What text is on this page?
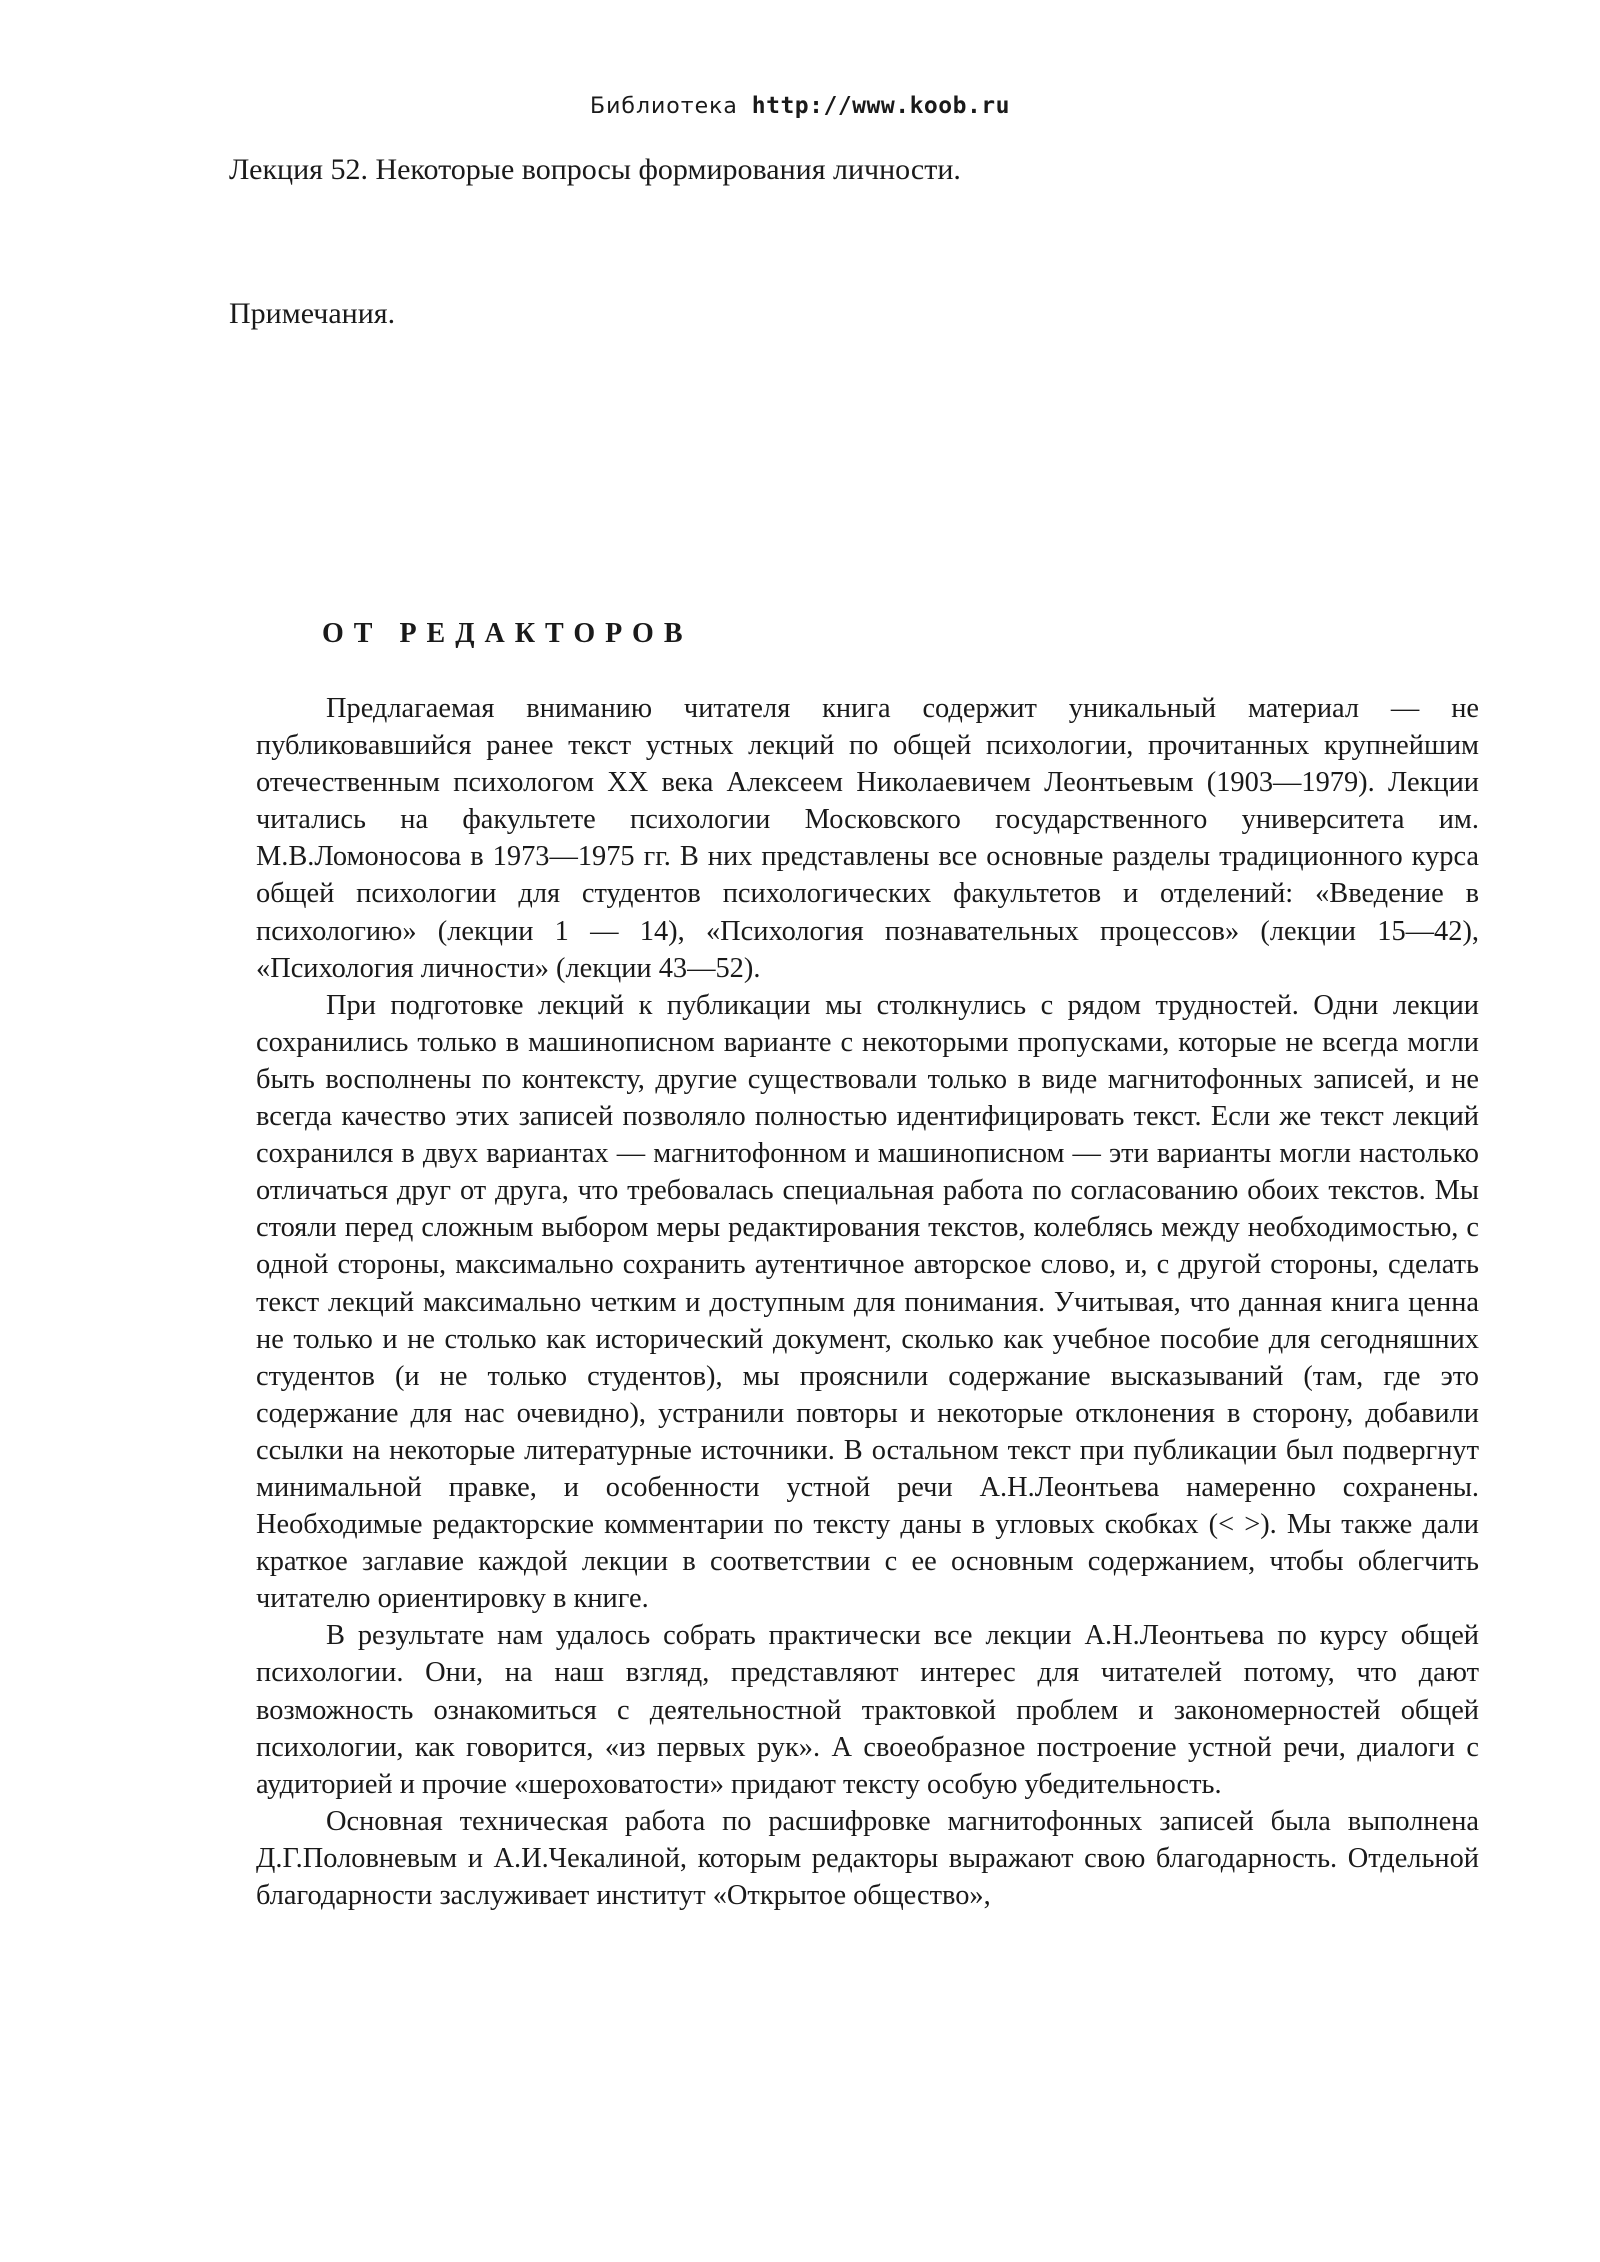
Библиотека http://www.koob.ru
Лекция 52. Некоторые вопросы формирования личности.
Примечания.
ОТ РЕДАКТОРОВ

Предлагаемая вниманию читателя книга содержит уникальный материал — не публиковавшийся ранее текст устных лекций по общей психологии, прочитанных крупнейшим отечественным психологом XX века Алексеем Николаевичем Леонтьевым (1903—1979). Лекции читались на факультете психологии Московского государственного университета им. М.В.Ломоносова в 1973—1975 гг. В них представлены все основные разделы традиционного курса общей психологии для студентов психологических факультетов и отделений: «Введение в психологию» (лекции 1 — 14), «Психология познавательных процессов» (лекции 15—42), «Психология личности» (лекции 43—52).

При подготовке лекций к публикации мы столкнулись с рядом трудностей. Одни лекции сохранились только в машинописном варианте с некоторыми пропусками, которые не всегда могли быть восполнены по контексту, другие существовали только в виде магнитофонных записей, и не всегда качество этих записей позволяло полностью идентифицировать текст. Если же текст лекций сохранился в двух вариантах — магнитофонном и машинописном — эти варианты могли настолько отличаться друг от друга, что требовалась специальная работа по согласованию обоих текстов. Мы стояли перед сложным выбором меры редактирования текстов, колеблясь между необходимостью, с одной стороны, максимально сохранить аутентичное авторское слово, и, с другой стороны, сделать текст лекций максимально четким и доступным для понимания. Учитывая, что данная книга ценна не только и не столько как исторический документ, сколько как учебное пособие для сегодняшних студентов (и не только студентов), мы прояснили содержание высказываний (там, где это содержание для нас очевидно), устранили повторы и некоторые отклонения в сторону, добавили ссылки на некоторые литературные источники. В остальном текст при публикации был подвергнут минимальной правке, и особенности устной речи А.Н.Леонтьева намеренно сохранены. Необходимые редакторские комментарии по тексту даны в угловых скобках (< >). Мы также дали краткое заглавие каждой лекции в соответствии с ее основным содержанием, чтобы облегчить читателю ориентировку в книге.

В результате нам удалось собрать практически все лекции А.Н.Леонтьева по курсу общей психологии. Они, на наш взгляд, представляют интерес для читателей потому, что дают возможность ознакомиться с деятельностной трактовкой проблем и закономерностей общей психологии, как говорится, «из первых рук». А своеобразное построение устной речи, диалоги с аудиторией и прочие «шероховатости» придают тексту особую убедительность.

Основная техническая работа по расшифровке магнитофонных записей была выполнена Д.Г.Половневым и А.И.Чекалиной, которым редакторы выражают свою благодарность. Отдельной благодарности заслуживает институт «Открытое общество»,
